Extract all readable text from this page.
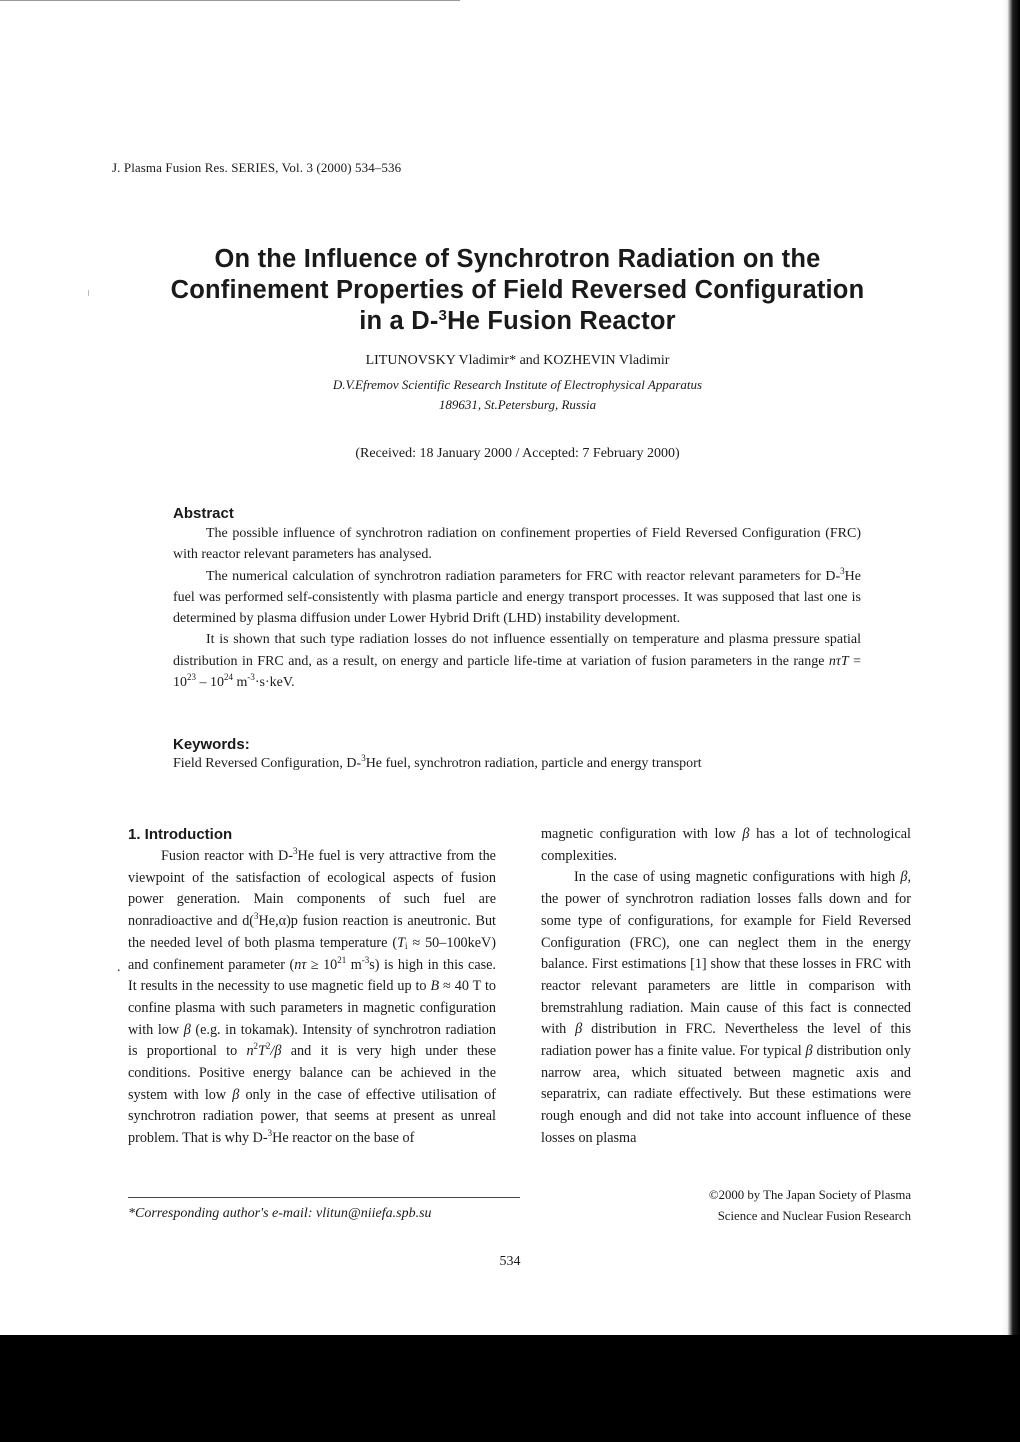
J. Plasma Fusion Res. SERIES, Vol. 3 (2000) 534–536
On the Influence of Synchrotron Radiation on the
Confinement Properties of Field Reversed Configuration
in a D-$^3$He Fusion Reactor
LITUNOVSKY Vladimir* and KOZHEVIN Vladimir
D.V.Efremov Scientific Research Institute of Electrophysical Apparatus
189631, St.Petersburg, Russia
(Received: 18 January 2000 / Accepted: 7 February 2000)
Abstract

The possible influence of synchrotron radiation on confinement properties of Field Reversed Configuration (FRC) with reactor relevant parameters has analysed.

The numerical calculation of synchrotron radiation parameters for FRC with reactor relevant parameters for D-$^3$He fuel was performed self-consistently with plasma particle and energy transport processes. It was supposed that last one is determined by plasma diffusion under Lower Hybrid Drift (LHD) instability development.

It is shown that such type radiation losses do not influence essentially on temperature and plasma pressure spatial distribution in FRC and, as a result, on energy and particle life-time at variation of fusion parameters in the range $n\tau T = 10^{23} - 10^{24}$ $m^{-3}\cdot s\cdot keV$.

Keywords:
Field Reversed Configuration, D-$^3$He fuel, synchrotron radiation, particle and energy transport
1. Introduction
.

Fusion reactor with D-$^3$He fuel is very attractive from the viewpoint of the satisfaction of ecological aspects of fusion power generation. Main components of such fuel are nonradioactive and d($^3$He,α)p fusion reaction is aneutronic. But the needed level of both plasma temperature $(T_i \approx 50-100keV)$ and confinement parameter ($n\tau \ge 10^{21}$ $m^{-3}s$) is high in this case. It results in the necessity to use magnetic field up to B ≈ 40 T to confine plasma with such parameters in magnetic configuration with low β (e.g. in tokamak). Intensity of synchrotron radiation is proportional to $n^2T^2/\beta$ and it is very high under these conditions. Positive energy balance can be achieved in the system with low β only in the case of effective utilisation of synchrotron radiation power, that seems at present as unreal problem. That is why D-$^3$He reactor on the base of

magnetic configuration with low β has a lot of technological complexities.

In the case of using magnetic configurations with high β, the power of synchrotron radiation losses falls down and for some type of configurations, for example for Field Reversed Configuration (FRC), one can neglect them in the energy balance. First estimations [1] show that these losses in FRC with reactor relevant parameters are little in comparison with bremstrahlung radiation. Main cause of this fact is connected with β distribution in FRC. Nevertheless the level of this radiation power has a finite value. For typical β distribution only narrow area, which situated between magnetic axis and separatrix, can radiate effectively. But these estimations were rough enough and did not take into account influence of these losses on plasma

*Corresponding author's e-mail: vlitun@niiefa.spb.su
©2000 by The Japan Society of Plasma
Science and Nuclear Fusion Research
534
